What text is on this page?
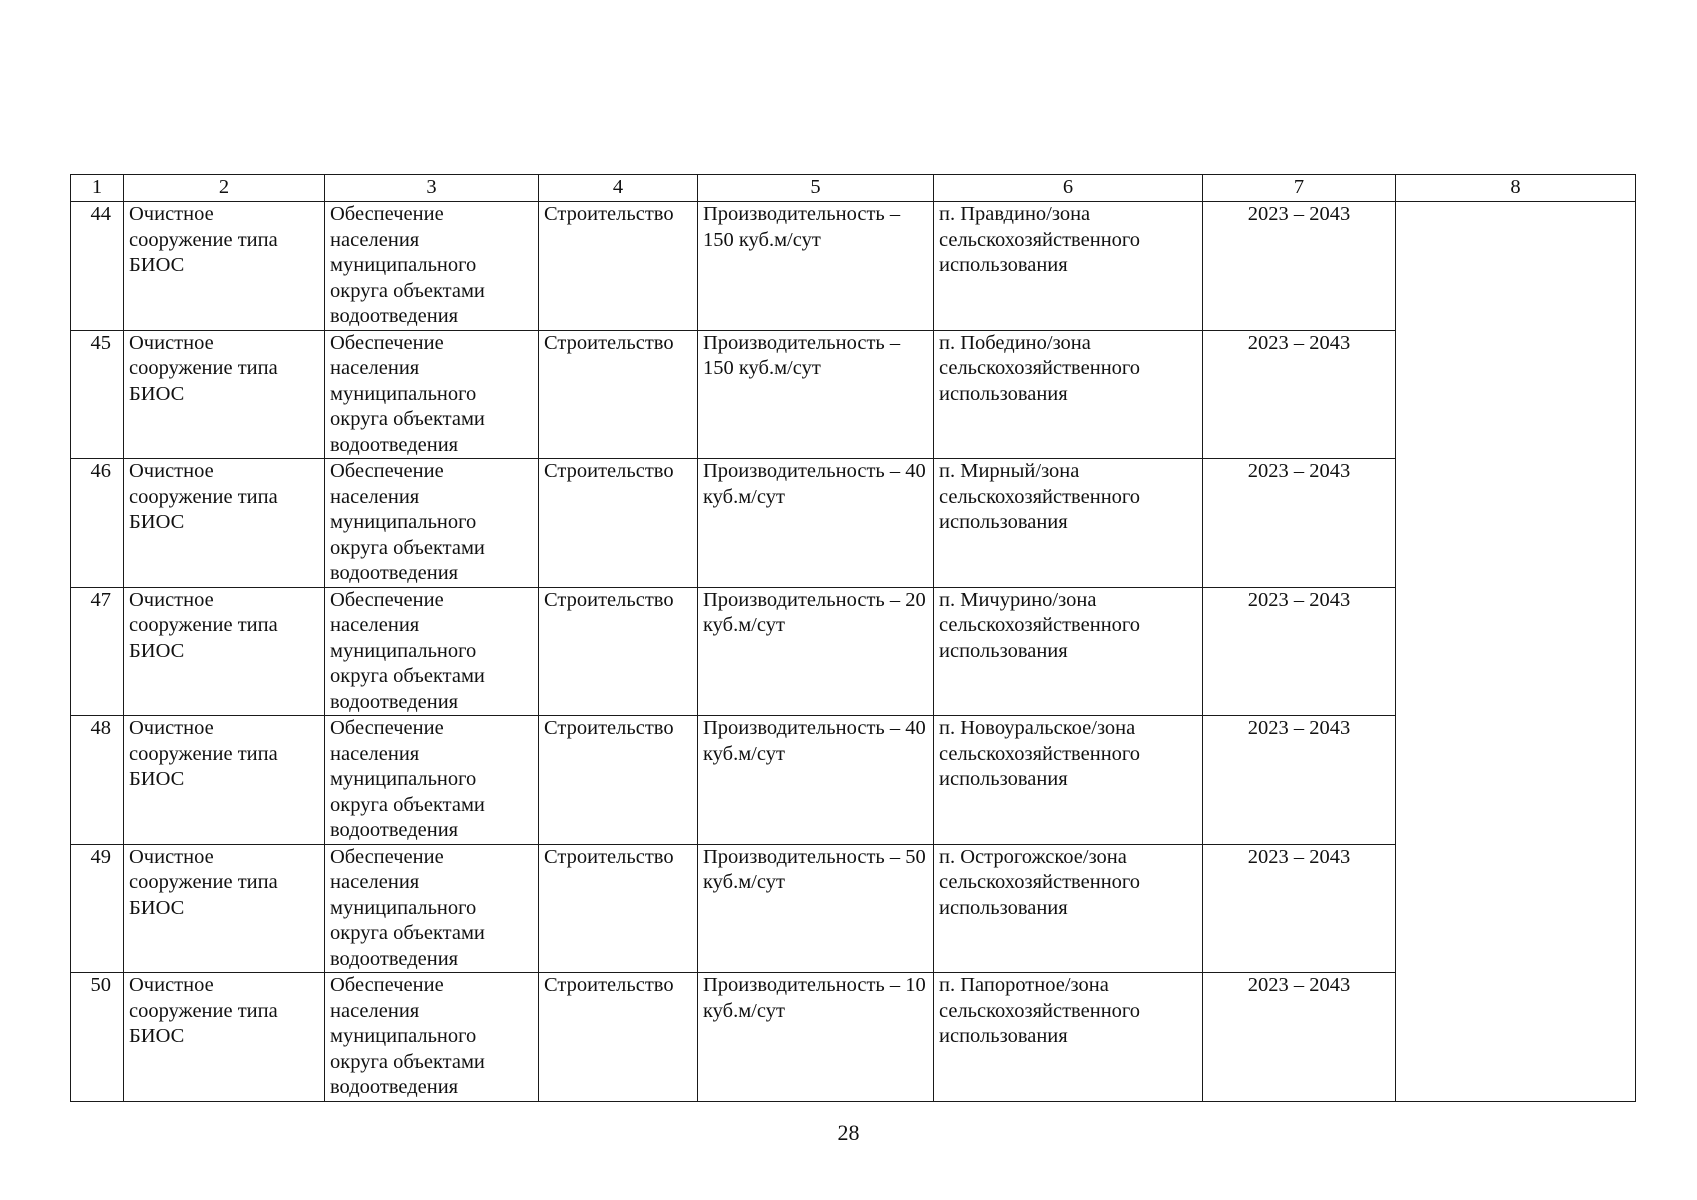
1	2	3	4	5	6	7	8
44	Очистное сооружение типа БИОС	Обеспечение населения муниципального округа объектами водоотведения	Строительство	Производительность – 150 куб.м/сут	п. Правдино/зона сельскохозяйственного использования	2023 – 2043	
45	Очистное сооружение типа БИОС	Обеспечение населения муниципального округа объектами водоотведения	Строительство	Производительность – 150 куб.м/сут	п. Победино/зона сельскохозяйственного использования	2023 – 2043	
46	Очистное сооружение типа БИОС	Обеспечение населения муниципального округа объектами водоотведения	Строительство	Производительность – 40 куб.м/сут	п. Мирный/зона сельскохозяйственного использования	2023 – 2043	
47	Очистное сооружение типа БИОС	Обеспечение населения муниципального округа объектами водоотведения	Строительство	Производительность – 20 куб.м/сут	п. Мичурино/зона сельскохозяйственного использования	2023 – 2043	
48	Очистное сооружение типа БИОС	Обеспечение населения муниципального округа объектами водоотведения	Строительство	Производительность – 40 куб.м/сут	п. Новоуральское/зона сельскохозяйственного использования	2023 – 2043	
49	Очистное сооружение типа БИОС	Обеспечение населения муниципального округа объектами водоотведения	Строительство	Производительность – 50 куб.м/сут	п. Острогожское/зона сельскохозяйственного использования	2023 – 2043	
50	Очистное сооружение типа БИОС	Обеспечение населения муниципального округа объектами водоотведения	Строительство	Производительность – 10 куб.м/сут	п. Папоротное/зона сельскохозяйственного использования	2023 – 2043	
28
